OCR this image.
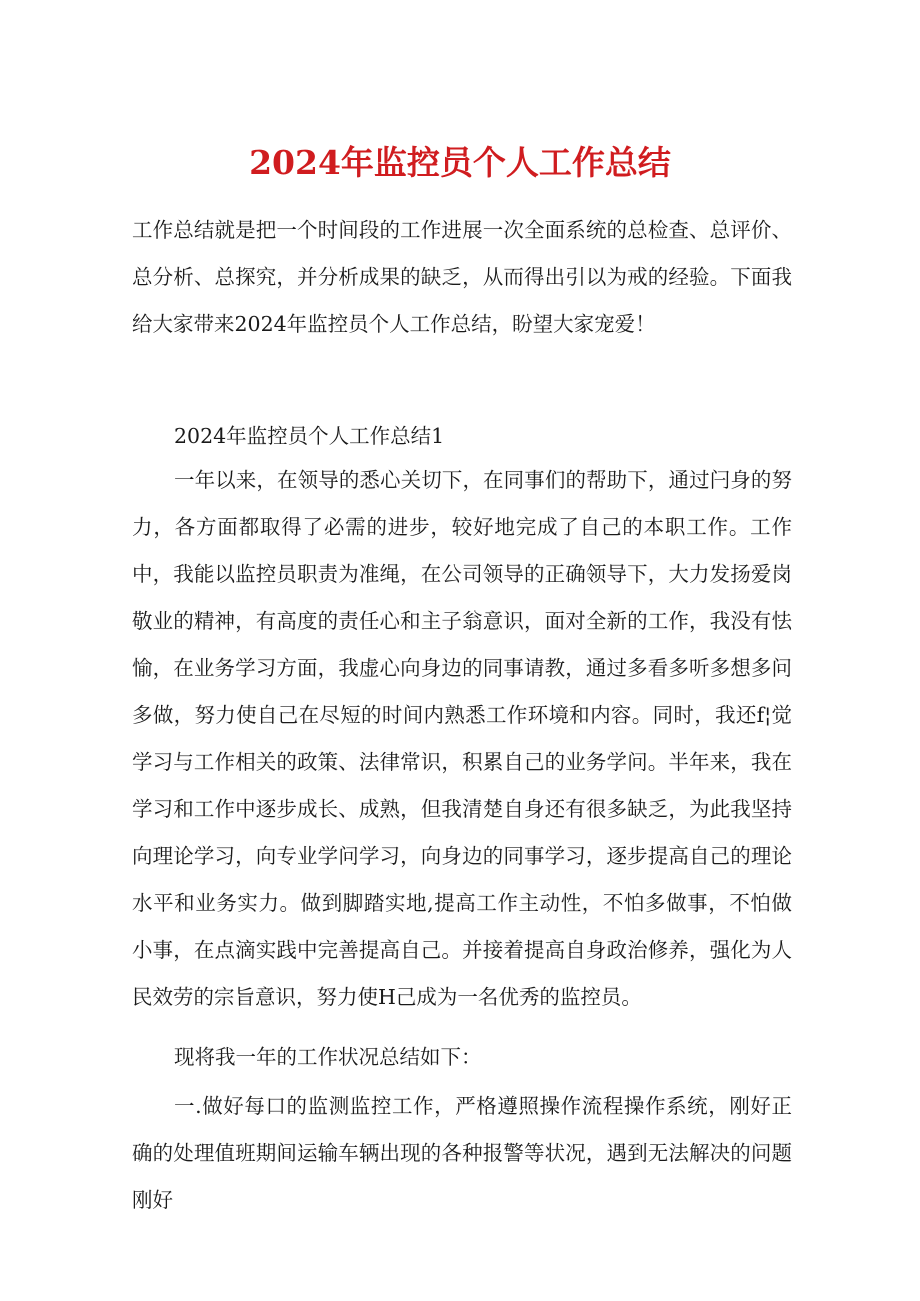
2024年监控员个人工作总结
工作总结就是把一个时间段的工作进展一次全面系统的总检查、总评价、总分析、总探究，并分析成果的缺乏，从而得出引以为戒的经验。下面我给大家带来2024年监控员个人工作总结，盼望大家宠爱！
2024年监控员个人工作总结1
一年以来，在领导的悉心关切下，在同事们的帮助下，通过闩身的努力，各方面都取得了必需的进步，较好地完成了自己的本职工作。工作中，我能以监控员职责为准绳，在公司领导的正确领导下，大力发扬爱岗敬业的精神，有高度的责任心和主子翁意识，面对全新的工作，我没有怯愉，在业务学习方面，我虚心向身边的同事请教，通过多看多听多想多问多做，努力使自己在尽短的时间内熟悉工作环境和内容。同时，我还f¦觉学习与工作相关的政策、法律常识，积累自己的业务学问。半年来，我在学习和工作中逐步成长、成熟，但我清楚自身还有很多缺乏，为此我坚持向理论学习，向专业学问学习，向身边的同事学习，逐步提高自己的理论水平和业务实力。做到脚踏实地,提高工作主动性，不怕多做事，不怕做小事，在点滴实践中完善提高自己。并接着提高自身政治修养，强化为人民效劳的宗旨意识，努力使H己成为一名优秀的监控员。
现将我一年的工作状况总结如下：
一.做好每口的监测监控工作，严格遵照操作流程操作系统，刚好正确的处理值班期间运输车辆出现的各种报警等状况，遇到无法解决的问题刚好
